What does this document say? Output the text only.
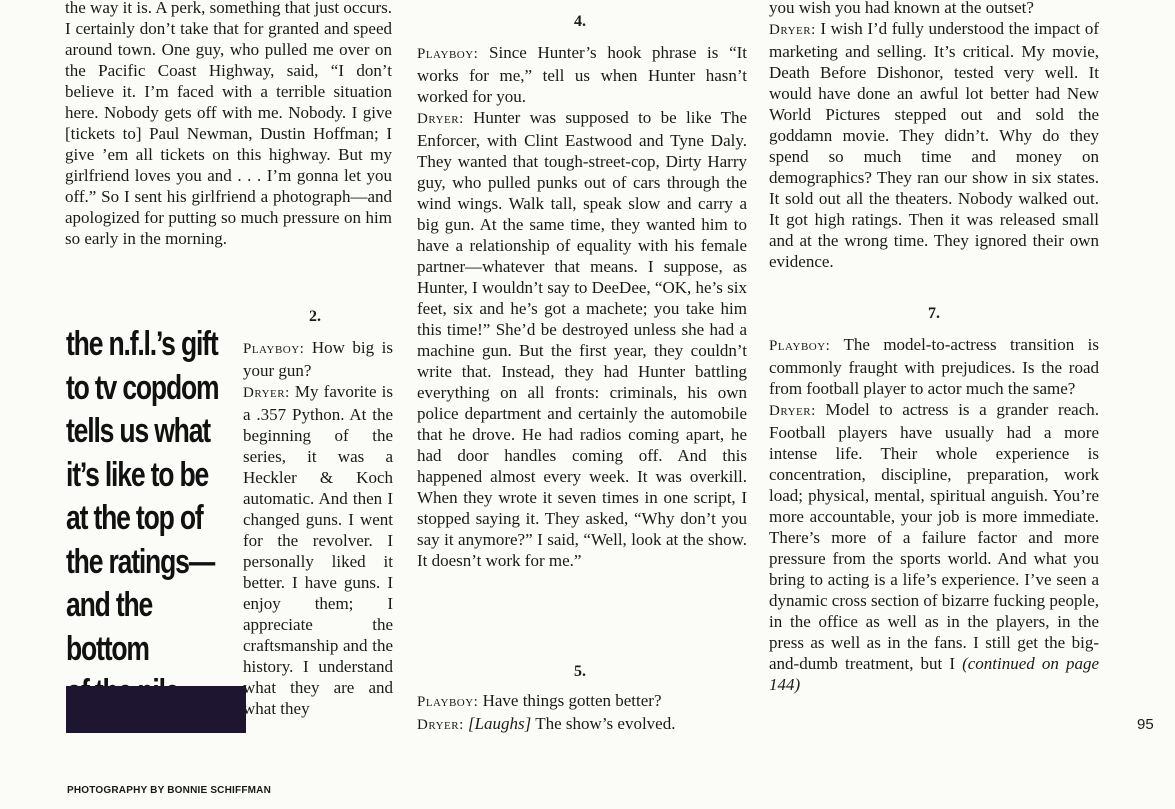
the way it is. A perk, something that just occurs. I certainly don’t take that for granted and speed around town. One guy, who pulled me over on the Pacific Coast Highway, said, “I don’t believe it. I’m faced with a terrible situation here. Nobody gets off with me. Nobody. I give [tickets to] Paul Newman, Dustin Hoffman; I give ’em all tickets on this highway. But my girlfriend loves you and . . . I’m gonna let you off.” So I sent his girlfriend a photograph—and apologized for putting so much pressure on him so early in the morning.

2.
the n.f.l.’s gift
to tv copdom
tells us what
it’s like to be
at the top of
the ratings—
and the bottom

Playboy: How big is your gun?

Dryer: My favorite is a .357 Python. At the beginning of the series, it was a Heckler & Koch automatic. And then I changed guns. I went for the revolver. I personally liked it better. I have guns. I enjoy them; I appreciate the craftsmanship and the history. I understand what they are and what they

4.

Playboy: Since Hunter’s hook phrase is “It works for me,” tell us when Hunter hasn’t worked for you.

Dryer: Hunter was supposed to be like The Enforcer, with Clint Eastwood and Tyne Daly. They wanted that tough-street-cop, Dirty Harry guy, who pulled punks out of cars through the wind wings. Walk tall, speak slow and carry a big gun. At the same time, they wanted him to have a relationship of equality with his female partner—whatever that means. I suppose, as Hunter, I wouldn’t say to DeeDee, “OK, he’s six feet, six and he’s got a machete; you take him this time!” She’d be destroyed unless she had a machine gun. But the first year, they couldn’t write that. Instead, they had Hunter battling everything on all fronts: criminals, his own police department and certainly the automobile that he drove. He had radios coming apart, he had door handles coming off. And this happened almost every week. It was overkill. When they wrote it seven times in one script, I stopped saying it. They asked, “Why don’t you say it anymore?” I said, “Well, look at the show. It doesn’t work for me.”

5.

Playboy: Have things gotten better?

Dryer: [Laughs] The show’s evolved.

you wish you had known at the outset?

Dryer: I wish I’d fully understood the impact of marketing and selling. It’s critical. My movie, Death Before Dishonor, tested very well. It would have done an awful lot better had New World Pictures stepped out and sold the goddamn movie. They didn’t. Why do they spend so much time and money on demographics? They ran our show in six states. It sold out all the theaters. Nobody walked out. It got high ratings. Then it was released small and at the wrong time. They ignored their own evidence.

7.

Playboy: The model-to-actress transition is commonly fraught with prejudices. Is the road from football player to actor much the same?

Dryer: Model to actress is a grander reach. Football players have usually had a more intense life. Their whole experience is concentration, discipline, preparation, work load; physical, mental, spiritual anguish. You’re more accountable, your job is more immediate. There’s more of a failure factor and more pressure from the sports world. And what you bring to acting is a life’s experience. I’ve seen a dynamic cross section of bizarre fucking people, in the office as well as in the players, in the press as well as in the fans. I still get the big-and-dumb treatment, but I (continued on page 144)

95
PHOTOGRAPHY BY BONNIE SCHIFFMAN
